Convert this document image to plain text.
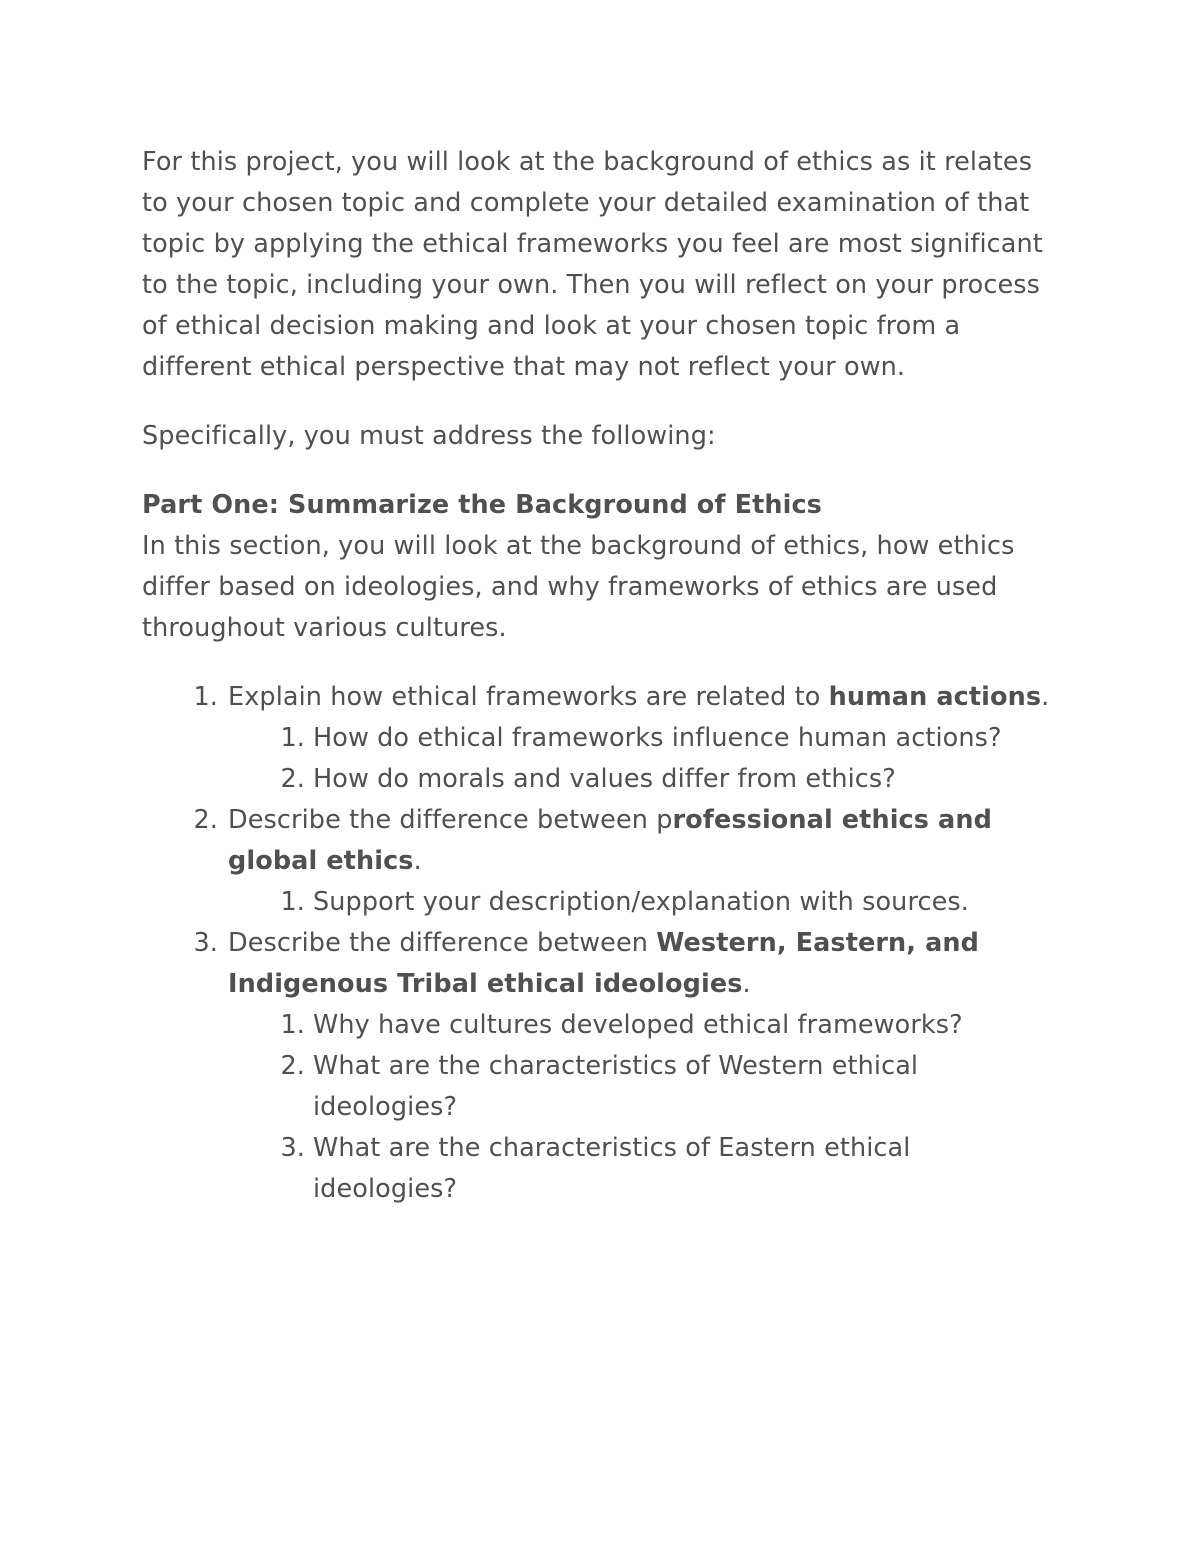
For this project, you will look at the background of ethics as it relates to your chosen topic and complete your detailed examination of that topic by applying the ethical frameworks you feel are most significant to the topic, including your own. Then you will reflect on your process of ethical decision making and look at your chosen topic from a different ethical perspective that may not reflect your own.

Specifically, you must address the following:

Part One: Summarize the Background of Ethics

In this section, you will look at the background of ethics, how ethics differ based on ideologies, and why frameworks of ethics are used throughout various cultures.

1. Explain how ethical frameworks are related to human actions.
1. How do ethical frameworks influence human actions?
2. How do morals and values differ from ethics?
2. Describe the difference between professional ethics and global ethics.
1. Support your description/explanation with sources.
3. Describe the difference between Western, Eastern, and Indigenous Tribal ethical ideologies.
1. Why have cultures developed ethical frameworks?
2. What are the characteristics of Western ethical ideologies?
3. What are the characteristics of Eastern ethical ideologies?
